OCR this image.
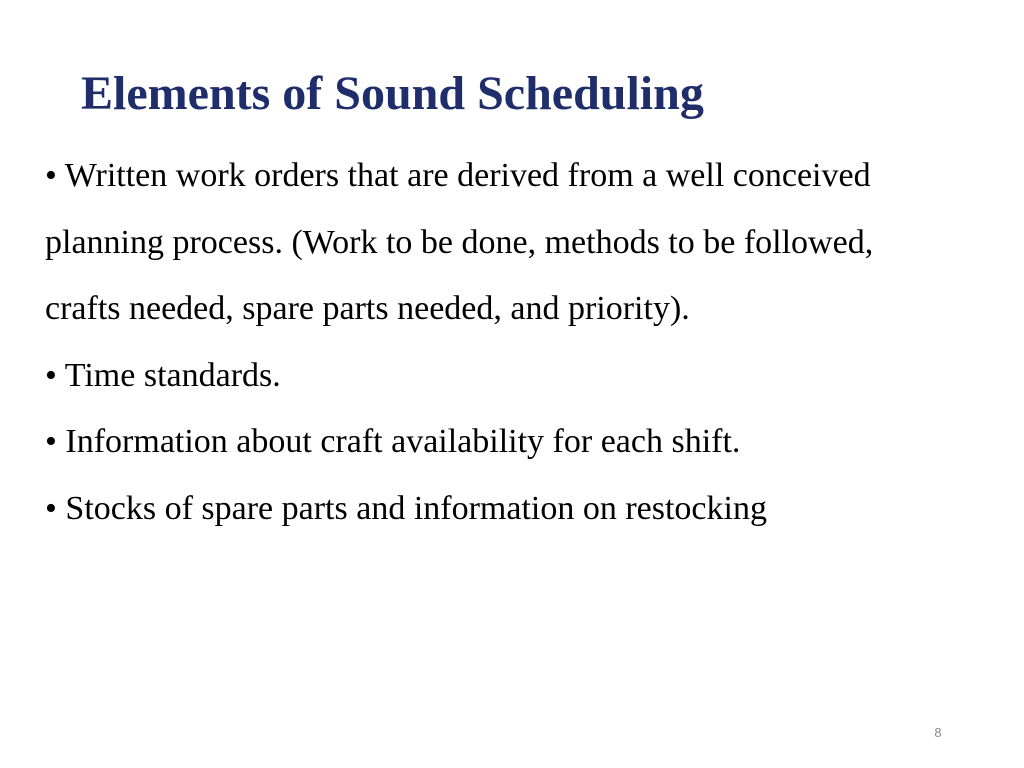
Elements of Sound Scheduling
• Written work orders that are derived from a well conceived
planning process. (Work to be done, methods to be followed,
crafts needed, spare parts needed, and priority).
• Time standards.
• Information about craft availability for each shift.
• Stocks of spare parts and information on restocking
8
